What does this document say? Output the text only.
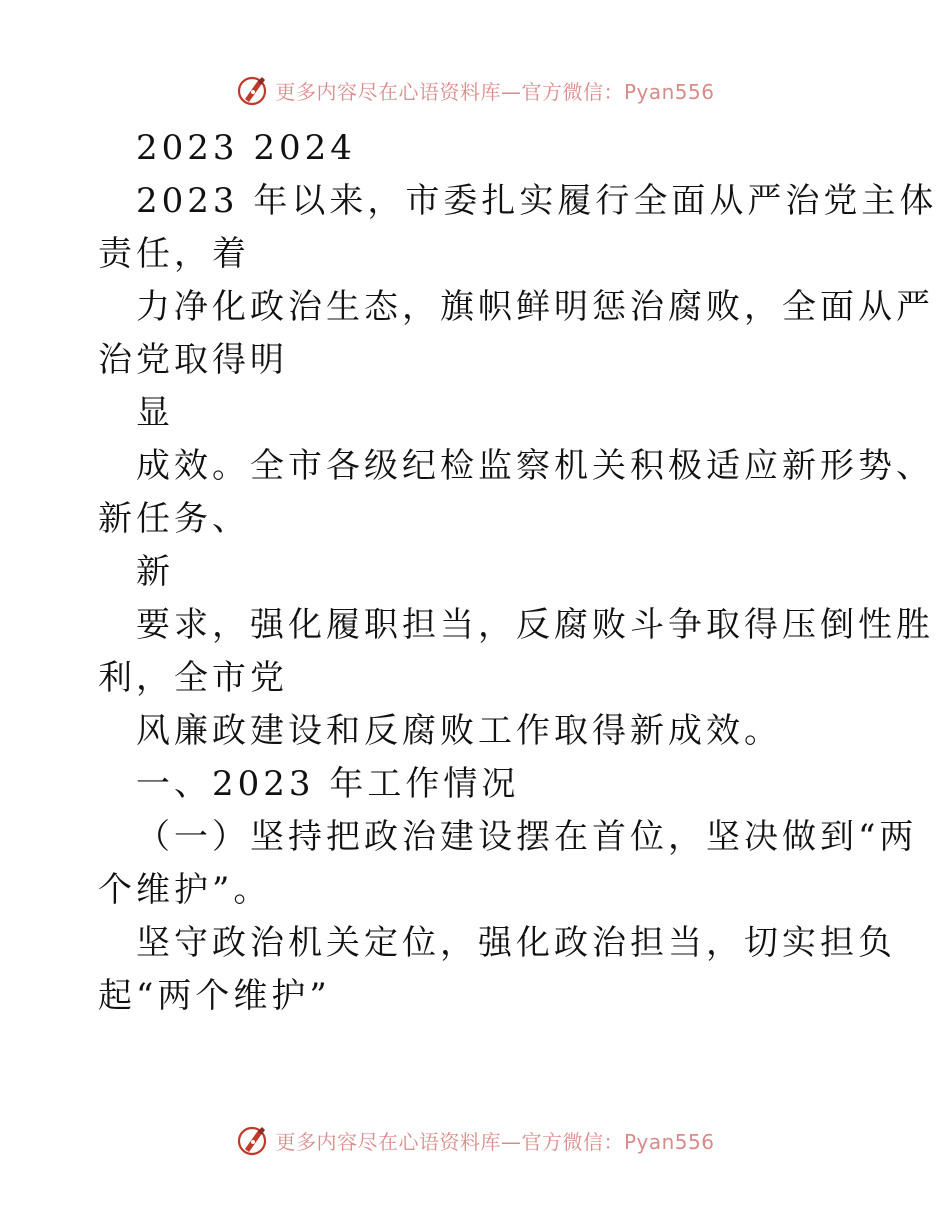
更多内容尽在心语资料库—官方微信：Pyan556
2023 2024
2023 年以来，市委扎实履行全面从严治党主体
责任，着
力净化政治生态，旗帜鲜明惩治腐败，全面从严
治党取得明
显
成效。全市各级纪检监察机关积极适应新形势、
新任务、
新
要求，强化履职担当，反腐败斗争取得压倒性胜
利，全市党
风廉政建设和反腐败工作取得新成效。
一、2023 年工作情况
（一）坚持把政治建设摆在首位，坚决做到“两
个维护”。
坚守政治机关定位，强化政治担当，切实担负
起“两个维护”
更多内容尽在心语资料库—官方微信：Pyan556
